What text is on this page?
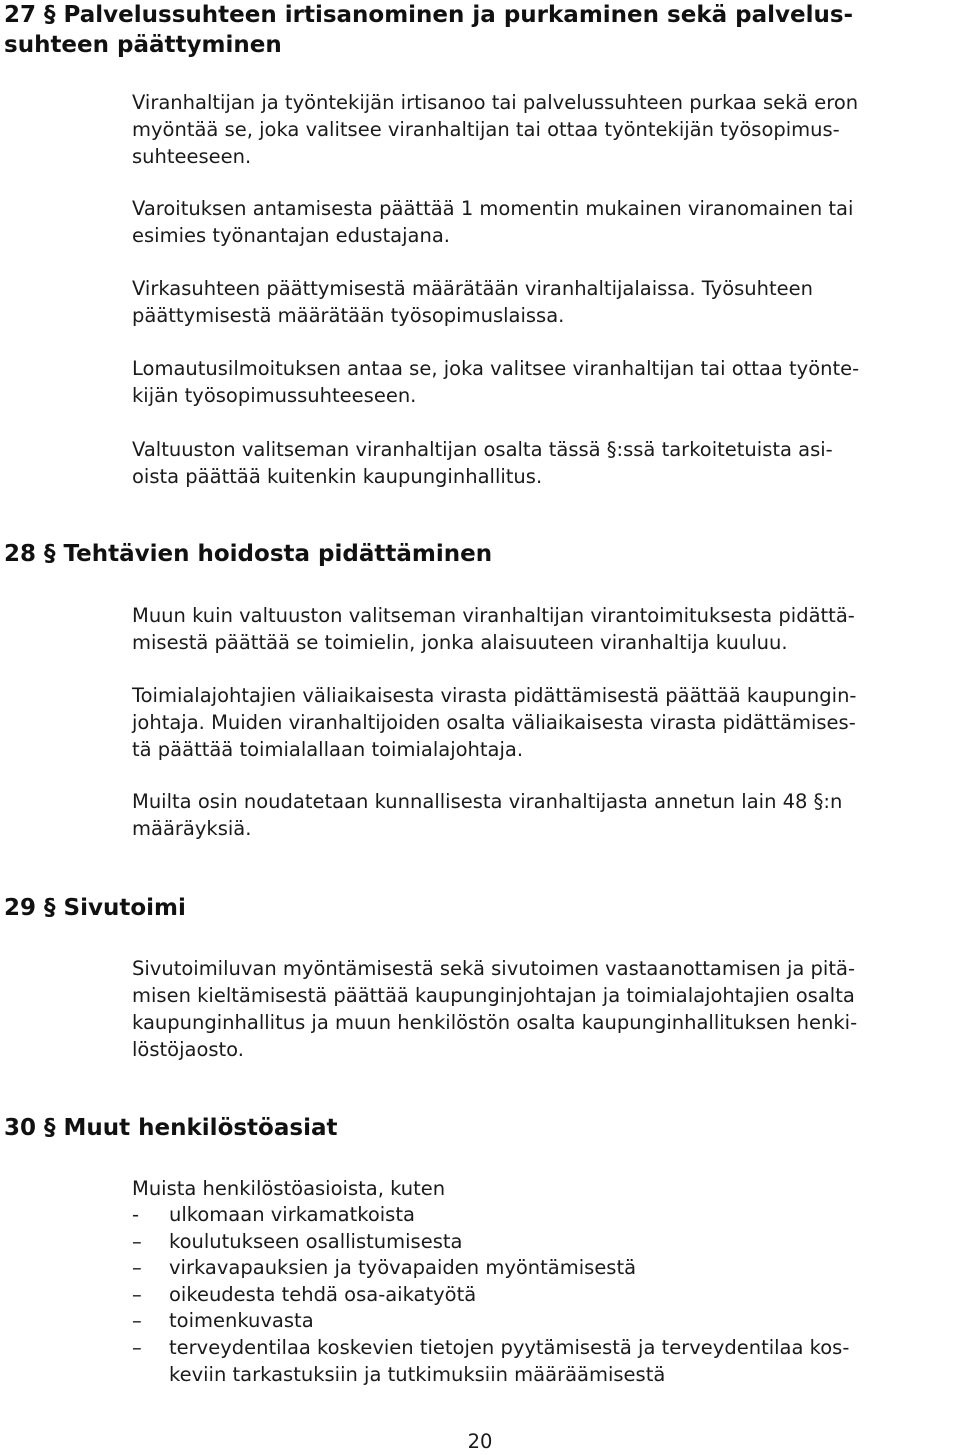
27 § Palvelussuhteen irtisanominen ja purkaminen sekä palvelus-
suhteen päättyminen

Viranhaltijan ja työntekijän irtisanoo tai palvelussuhteen purkaa sekä eron
myöntää se, joka valitsee viranhaltijan tai ottaa työntekijän työsopimus-
suhteeseen.

Varoituksen antamisesta päättää 1 momentin mukainen viranomainen tai
esimies työnantajan edustajana.

Virkasuhteen päättymisestä määrätään viranhaltijalaissa. Työsuhteen
päättymisestä määrätään työsopimuslaissa.

Lomautusilmoituksen antaa se, joka valitsee viranhaltijan tai ottaa työnte-
kijän työsopimussuhteeseen.

Valtuuston valitseman viranhaltijan osalta tässä §:ssä tarkoitetuista asi-
oista päättää kuitenkin kaupunginhallitus.

28 § Tehtävien hoidosta pidättäminen

Muun kuin valtuuston valitseman viranhaltijan virantoimituksesta pidättä-
misestä päättää se toimielin, jonka alaisuuteen viranhaltija kuuluu.

Toimialajohtajien väliaikaisesta virasta pidättämisestä päättää kaupungin-
johtaja. Muiden viranhaltijoiden osalta väliaikaisesta virasta pidättämises-
tä päättää toimialallaan toimialajohtaja.

Muilta osin noudatetaan kunnallisesta viranhaltijasta annetun lain 48 §:n
määräyksiä.

29 § Sivutoimi

Sivutoimiluvan myöntämisestä sekä sivutoimen vastaanottamisen ja pitä-
misen kieltämisestä päättää kaupunginjohtajan ja toimialajohtajien osalta
kaupunginhallitus ja muun henkilöstön osalta kaupunginhallituksen henki-
löstöjaosto.

30 § Muut henkilöstöasiat

Muista henkilöstöasioista, kuten

-	ulkomaan virkamatkoista
–	koulutukseen osallistumisesta
–	virkavapauksien ja työvapaiden myöntämisestä
–	oikeudesta tehdä osa-aikatyötä
–	toimenkuvasta
–	terveydentilaa koskevien tietojen pyytämisestä ja terveydentilaa kos-
keviin tarkastuksiin ja tutkimuksiin määräämisestä
20
